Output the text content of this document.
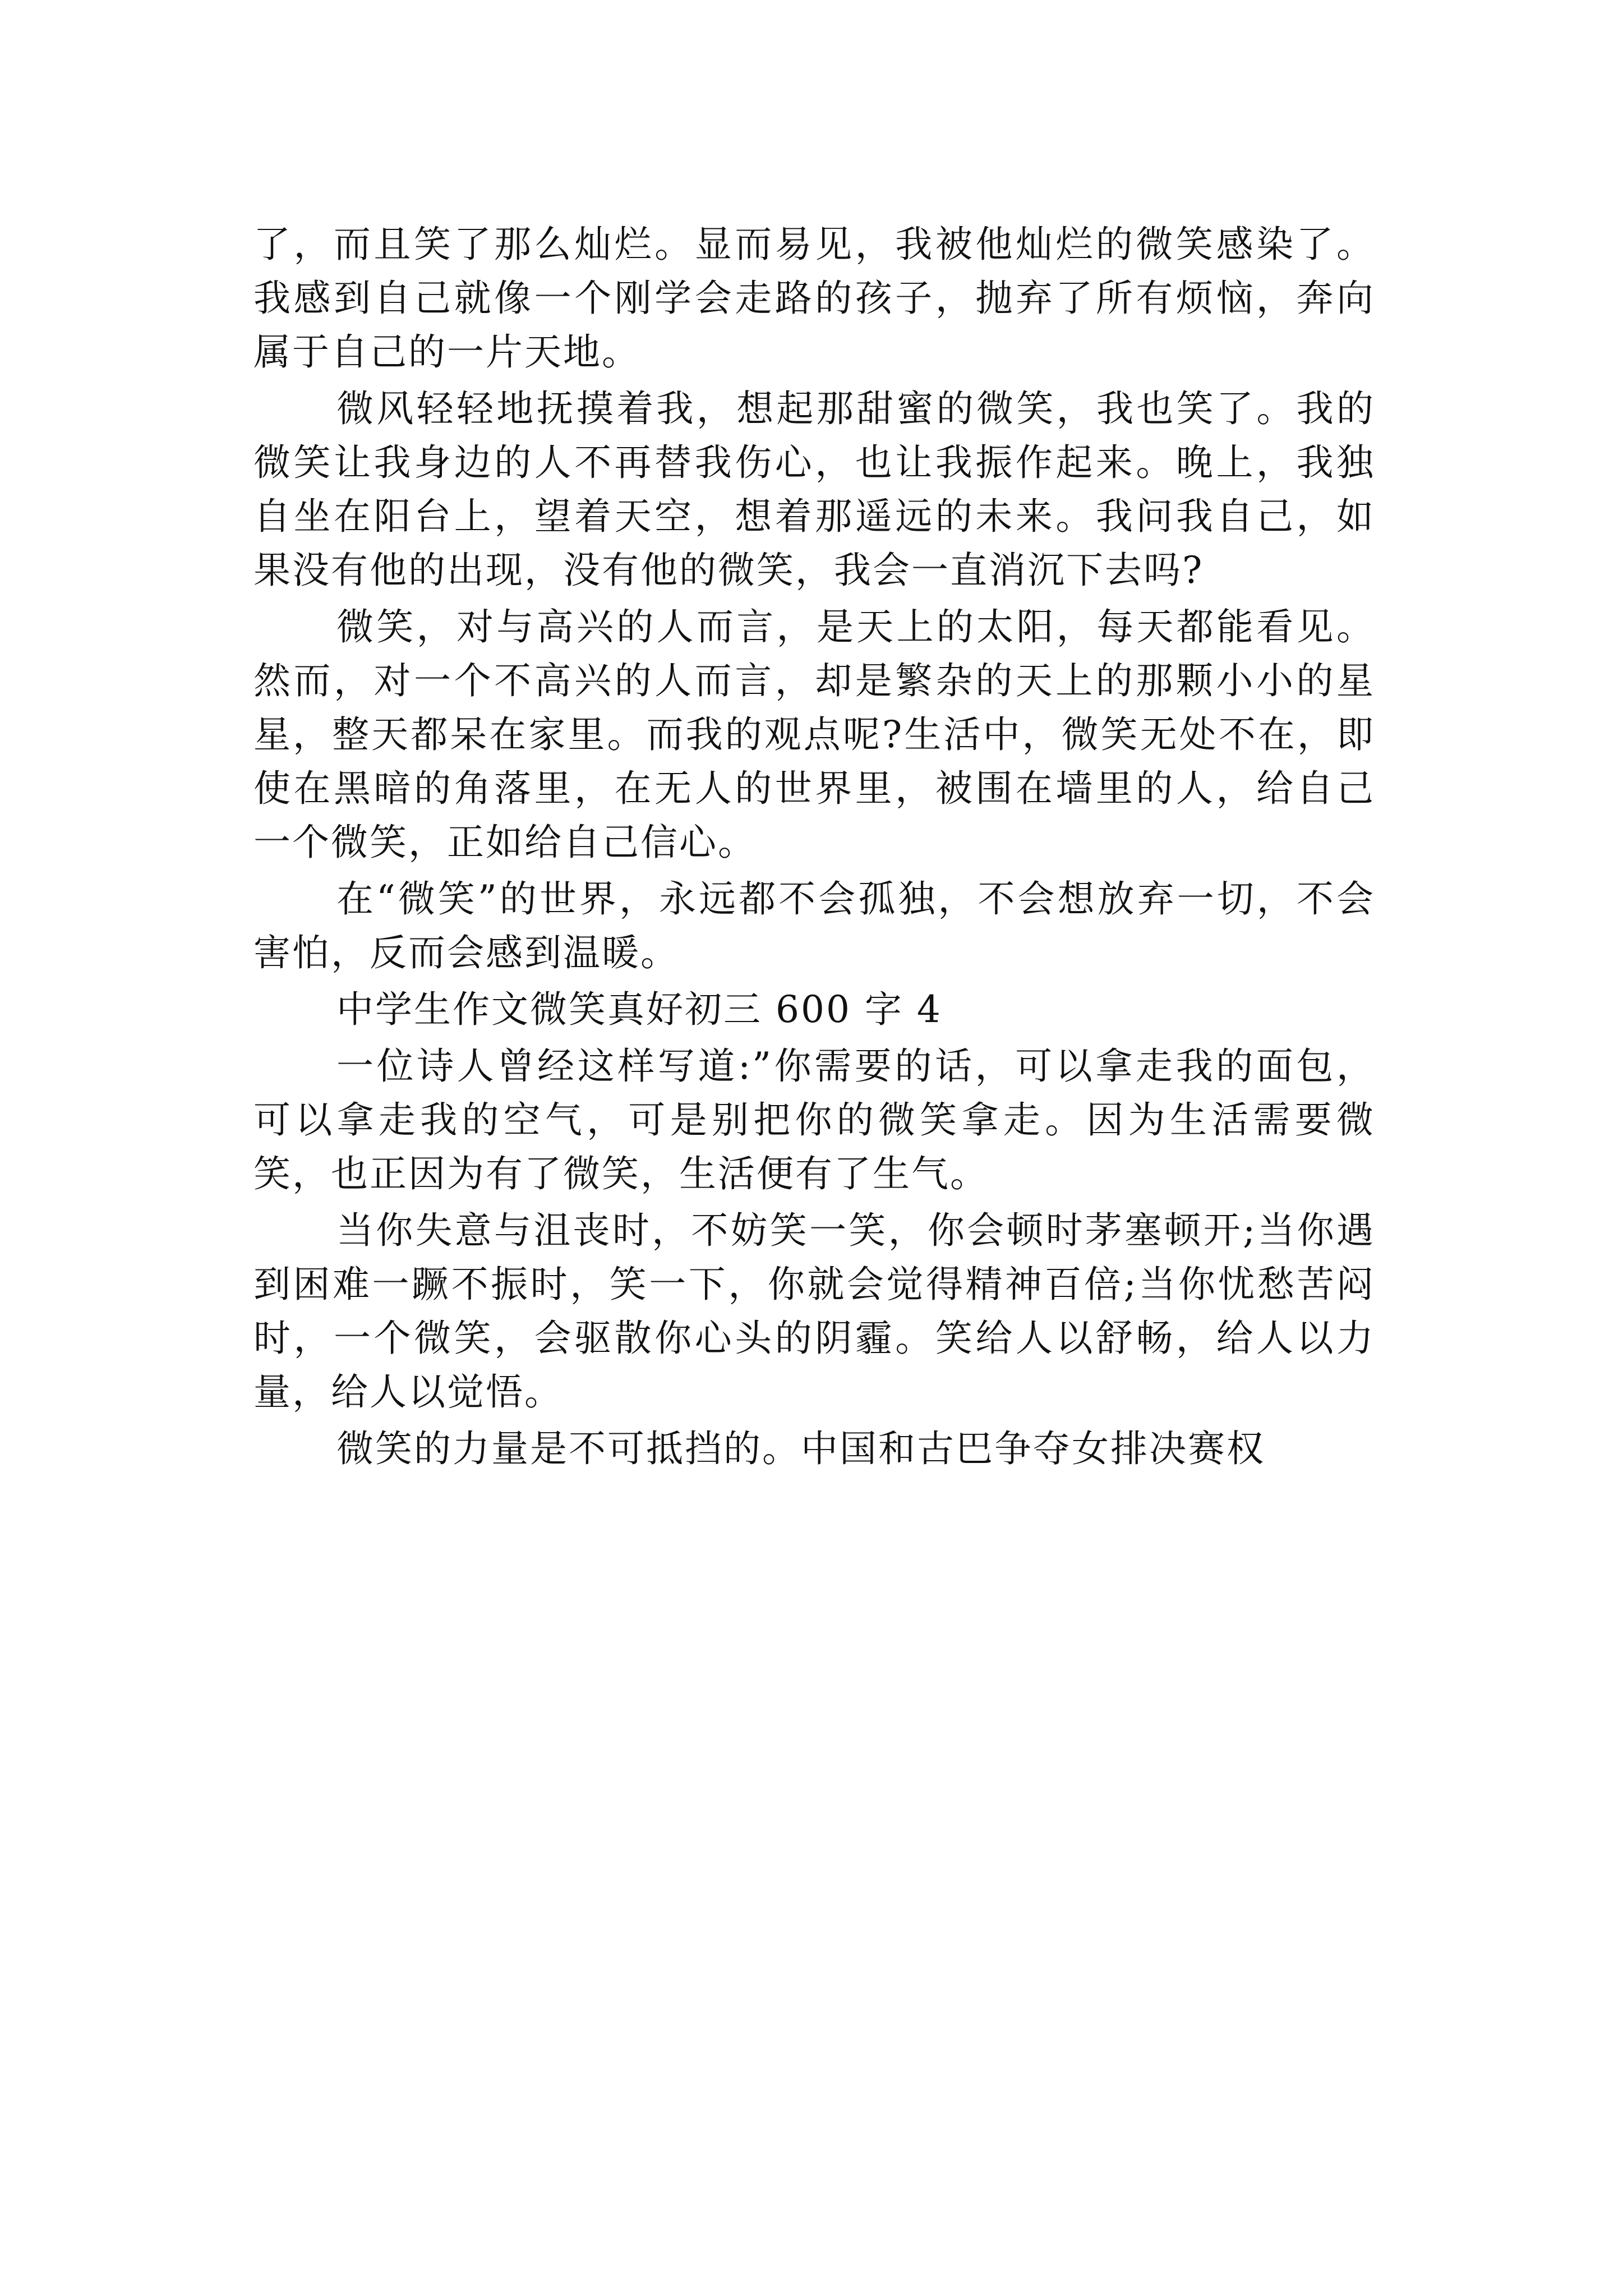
了，而且笑了那么灿烂。显而易见，我被他灿烂的微笑感染了。我感到自己就像一个刚学会走路的孩子，抛弃了所有烦恼，奔向属于自己的一片天地。

微风轻轻地抚摸着我，想起那甜蜜的微笑，我也笑了。我的微笑让我身边的人不再替我伤心，也让我振作起来。晚上，我独自坐在阳台上，望着天空，想着那遥远的未来。我问我自己，如果没有他的出现，没有他的微笑，我会一直消沉下去吗?

微笑，对与高兴的人而言，是天上的太阳，每天都能看见。然而，对一个不高兴的人而言，却是繁杂的天上的那颗小小的星星，整天都呆在家里。而我的观点呢?生活中，微笑无处不在，即使在黑暗的角落里，在无人的世界里，被围在墙里的人，给自己一个微笑，正如给自己信心。

在“微笑”的世界，永远都不会孤独，不会想放弃一切，不会害怕，反而会感到温暖。

中学生作文微笑真好初三 600 字 4

一位诗人曾经这样写道:”你需要的话，可以拿走我的面包，可以拿走我的空气，可是别把你的微笑拿走。因为生活需要微笑，也正因为有了微笑，生活便有了生气。

当你失意与沮丧时，不妨笑一笑，你会顿时茅塞顿开;当你遇到困难一蹶不振时，笑一下，你就会觉得精神百倍;当你忧愁苦闷时，一个微笑，会驱散你心头的阴霾。笑给人以舒畅，给人以力量，给人以觉悟。

微笑的力量是不可抵挡的。中国和古巴争夺女排决赛权
